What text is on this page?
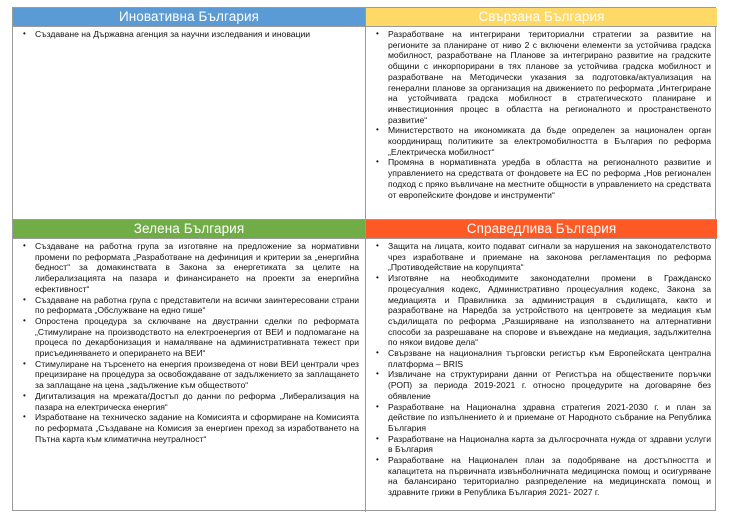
Иновативна България
• Създаване на Държавна агенция за научни изследвания и иновации
Свързана България
• Разработване на интегрирани териториални стратегии за развитие на регионите за планиране от ниво 2 с включени елементи за устойчива градска мобилност, разработване на Планове за интегрирано развитие на градските общини с инкорпорирани в тях планове за устойчива градска мобилност и разработване на Методически указания за подготовка/актуализация на генерални планове за организация на движението по реформата „Интегриране на устойчивата градска мобилност в стратегическото планиране и инвестиционния процес в областта на регионалното и пространственото развитие“
• Министерството на икономиката да бъде определен за национален орган координиращ политиките за електромобилността в България по реформа „Електрическа мобилност“
• Промяна в нормативната уредба в областта на регионалното развитие и управлението на средствата от фондовете на ЕС по реформа „Нов регионален подход с пряко въвличане на местните общности в управлението на средствата от европейските фондове и инструменти“
Зелена България
• Създаване на работна група за изготвяне на предложение за нормативни промени по реформата „Разработване на дефиниция и критерии за „енергийна бедност“ за домакинствата в Закона за енергетиката за целите на либерализацията на пазара и финансирането на проекти за енергийна ефективност“
• Създаване на работна група с представители на всички заинтересовани страни по реформата „Обслужване на едно гише“
• Опростена процедура за сключване на двустранни сделки по реформата „Стимулиране на производството на електроенергия от ВЕИ и подпомагане на процеса по декарбонизация и намаляване на административната тежест при присъединяването и оперирането на ВЕИ“
• Стимулиране на търсенето на енергия произведена от нови ВЕИ централи чрез прецизиране на процедура за освобождаване от задължението за заплащането за заплащане на цена „задължение към обществото“
• Дигитализация на мрежата/Достъп до данни по реформа „Либерализация на пазара на електрическа енергия“
• Изработване на техническо задание на Комисията и сформиране на Комисията по реформата „Създаване на Комисия за енергиен преход за изработването на Пътна карта към климатична неутралност“
Справедлива България
• Защита на лицата, които подават сигнали за нарушения на законодателството чрез изработване и приемане на законова регламентация по реформа „Противодействие на корупцията“
• Изготвяне на необходимите законодателни промени в Гражданско процесуалния кодекс, Административно процесуалния кодекс, Закона за медиацията и Правилника за администрация в съдилищата, както и разработване на Наредба за устройството на центровете за медиация към съдилищата по реформа „Разширяване на използването на алтернативни способи за разрешаване на спорове и въвеждане на медиация, задължителна по някои видове дела“
• Свързване на националния търговски регистър към Европейската централна платформа – BRIS
• Извличане на структурирани данни от Регистъра на обществените поръчки (РОП) за периода 2019-2021 г. относно процедурите на договаряне без обявление
• Разработване на Национална здравна стратегия 2021-2030 г. и план за действие по изпълнението ѝ и приемане от Народното събрание на Република България
• Разработване на Национална карта за дългосрочната нужда от здравни услуги в България
• Разработване на Национален план за подобряване на достъпността и капацитета на първичната извънболничната медицинска помощ и осигуряване на балансирано териториално разпределение на медицинската помощ и здравните грижи в Република България 2021- 2027 г.
